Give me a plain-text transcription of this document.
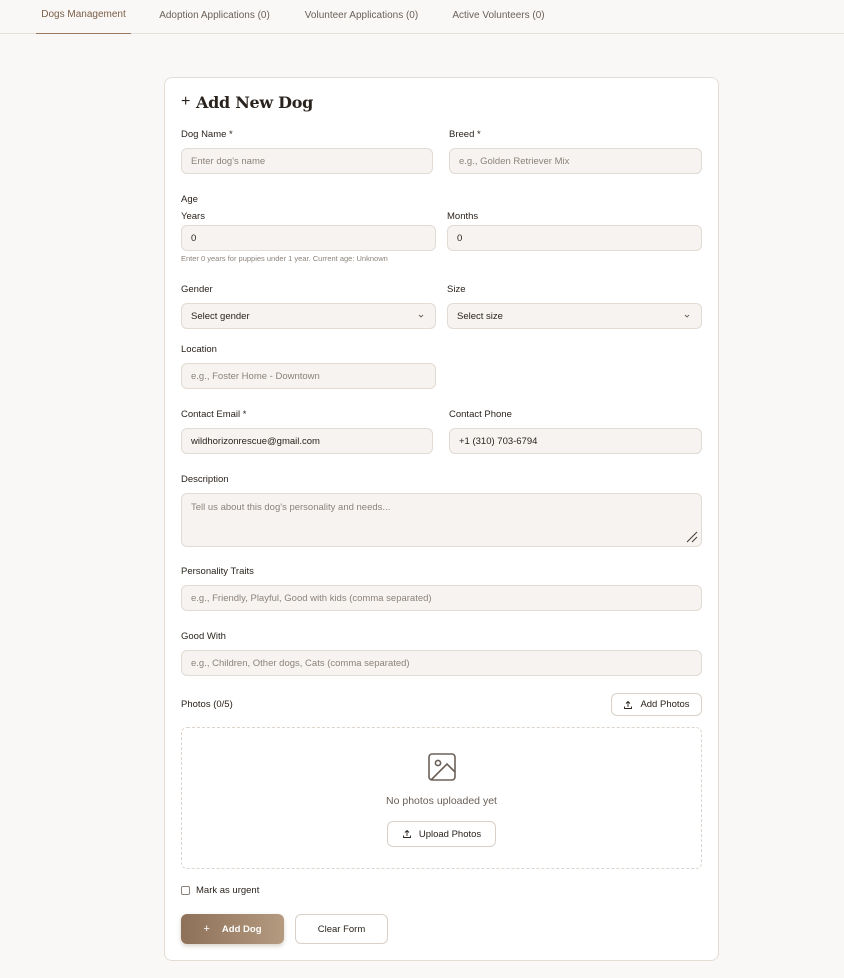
Dogs Management	Adoption Applications (0)	Volunteer Applications (0)	Active Volunteers (0)
+ Add New Dog
Dog Name *
Enter dog's name
Breed *
e.g., Golden Retriever Mix
Age
Years
0
Months
0
Enter 0 years for puppies under 1 year. Current age: Unknown
Gender
Select gender
Size
Select size
Location
e.g., Foster Home - Downtown
Contact Email *
wildhorizonrescue@gmail.com
Contact Phone
+1 (310) 703-6794
Description
Tell us about this dog's personality and needs...
Personality Traits
e.g., Friendly, Playful, Good with kids (comma separated)
Good With
e.g., Children, Other dogs, Cats (comma separated)
Photos (0/5)	Add Photos
No photos uploaded yet
Upload Photos
Mark as urgent
+ Add Dog	Clear Form
